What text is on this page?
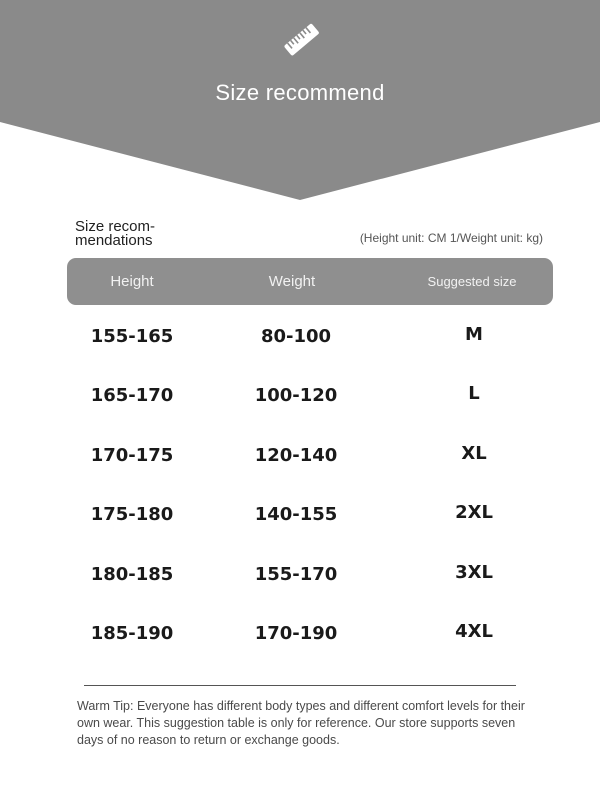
Size recommend
Size recom-
mendations	(Height unit: CM 1/Weight unit: kg)
Height	Weight	Suggested size
155-165	80-100	M
165-170	100-120	L
170-175	120-140	XL
175-180	140-155	2XL
180-185	155-170	3XL
185-190	170-190	4XL
Warm Tip: Everyone has different body types and different comfort levels for their own wear. This suggestion table is only for reference. Our store supports seven days of no reason to return or exchange goods.
